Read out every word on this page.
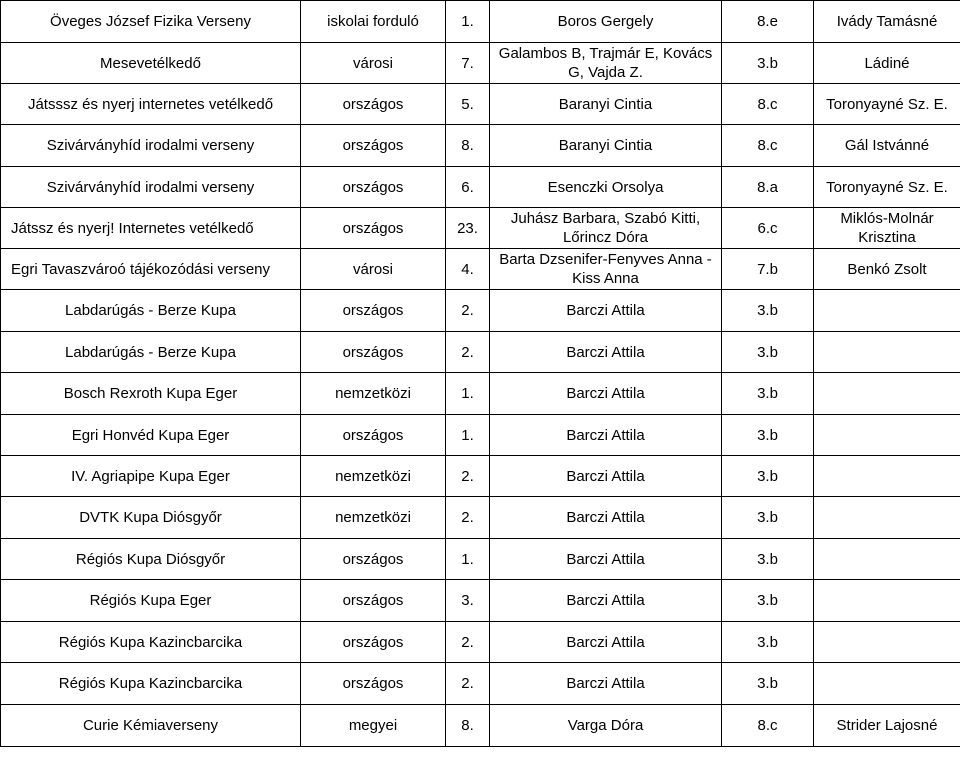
Öveges József Fizika Verseny	iskolai forduló	1.	Boros Gergely	8.e	Ivády Tamásné
Mesevetélkedő	városi	7.	Galambos B, Trajmár E, Kovács G, Vajda Z.	3.b	Ládiné
Játsssz és nyerj internetes vetélkedő	országos	5.	Baranyi Cintia	8.c	Toronyayné Sz. E.
Szivárványhíd irodalmi verseny	országos	8.	Baranyi Cintia	8.c	Gál Istvánné
Szivárványhíd irodalmi verseny	országos	6.	Esenczki Orsolya	8.a	Toronyayné Sz. E.
Játssz és nyerj! Internetes vetélkedő	országos	23.	Juhász Barbara, Szabó Kitti, Lőrincz Dóra	6.c	Miklós-Molnár Krisztina
Egri Tavaszvároó tájékozódási verseny	városi	4.	Barta Dzsenifer-Fenyves Anna - Kiss Anna	7.b	Benkó Zsolt
Labdarúgás - Berze Kupa	országos	2.	Barczi Attila	3.b	
Labdarúgás - Berze Kupa	országos	2.	Barczi Attila	3.b	
Bosch Rexroth Kupa Eger	nemzetközi	1.	Barczi Attila	3.b	
Egri Honvéd Kupa Eger	országos	1.	Barczi Attila	3.b	
IV. Agriapipe Kupa Eger	nemzetközi	2.	Barczi Attila	3.b	
DVTK Kupa Diósgyőr	nemzetközi	2.	Barczi Attila	3.b	
Régiós Kupa Diósgyőr	országos	1.	Barczi Attila	3.b	
Régiós Kupa Eger	országos	3.	Barczi Attila	3.b	
Régiós Kupa Kazincbarcika	országos	2.	Barczi Attila	3.b	
Régiós Kupa Kazincbarcika	országos	2.	Barczi Attila	3.b	
Curie Kémiaverseny	megyei	8.	Varga Dóra	8.c	Strider Lajosné
